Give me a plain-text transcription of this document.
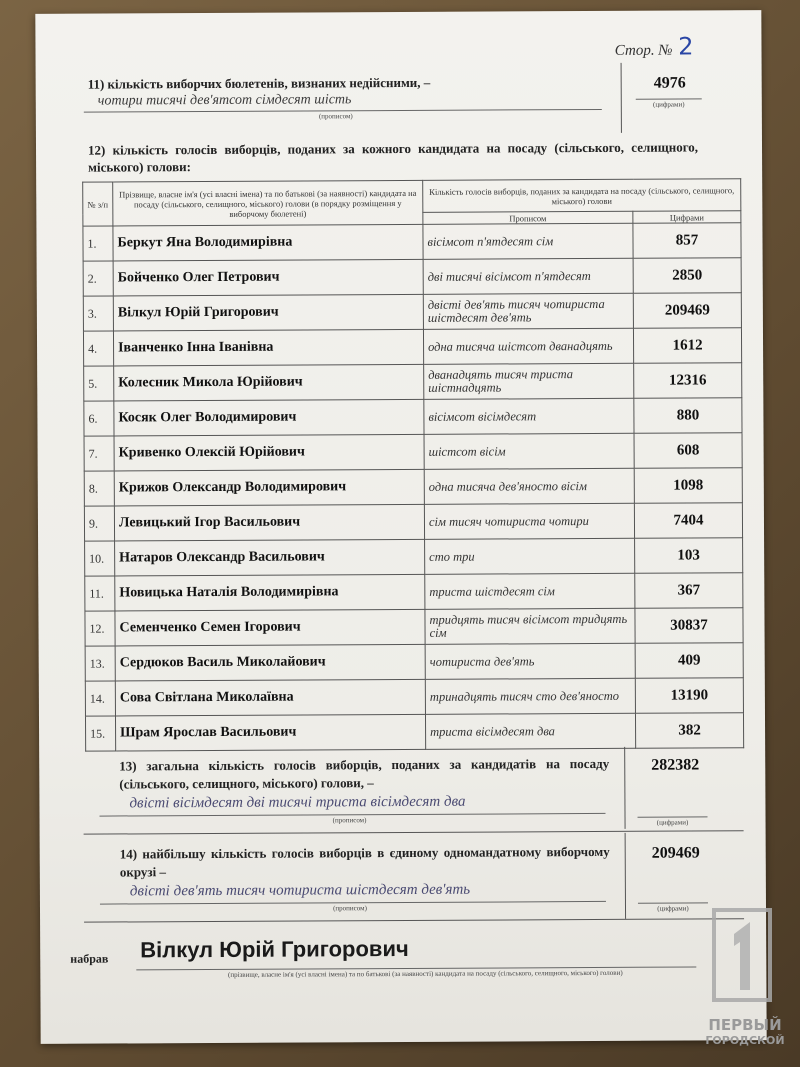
Стор. № 2
11) кількість виборчих бюлетенів, визнаних недійсними, –
чотири тисячі дев'ятсот сімдесят шість
(прописом)
4976
(цифрами)
12) кількість голосів виборців, поданих за кожного кандидата на посаду (сільського, селищного, міського) голови:
№ з/п	Прізвище, власне ім'я (усі власні імена) та по батькові (за наявності) кандидата на посаду (сільського, селищного, міського) голови (в порядку розміщення у виборчому бюлетені)	Кількість голосів виборців, поданих за кандидата на посаду (сільського, селищного, міського) голови	
		Прописом	Цифрами
1.	Беркут Яна Володимирівна	вісімсот п'ятдесят сім	857
2.	Бойченко Олег Петрович	дві тисячі вісімсот п'ятдесят	2850
3.	Вілкул Юрій Григорович	двісті дев'ять тисяч чотириста шістдесят дев'ять	209469
4.	Іванченко Інна Іванівна	одна тисяча шістсот дванадцять	1612
5.	Колесник Микола Юрійович	дванадцять тисяч триста шістнадцять	12316
6.	Косяк Олег Володимирович	вісімсот вісімдесят	880
7.	Кривенко Олексій Юрійович	шістсот вісім	608
8.	Крижов Олександр Володимирович	одна тисяча дев'яносто вісім	1098
9.	Левицький Ігор Васильович	сім тисяч чотириста чотири	7404
10.	Натаров Олександр Васильович	сто три	103
11.	Новицька Наталія Володимирівна	триста шістдесят сім	367
12.	Семенченко Семен Ігорович	тридцять тисяч вісімсот тридцять сім	30837
13.	Сердюков Василь Миколайович	чотириста дев'ять	409
14.	Сова Світлана Миколаївна	тринадцять тисяч сто дев'яносто	13190
15.	Шрам Ярослав Васильович	триста вісімдесят два	382
13) загальна кількість голосів виборців, поданих за кандидатів на посаду
(сільського, селищного, міського) голови, –
двісті вісімдесят дві тисячі триста вісімдесят два
(прописом)
282382
(цифрами)
14) найбільшу кількість голосів виборців в єдиному одномандатному виборчому
окрузі –
двісті дев'ять тисяч чотириста шістдесят дев'ять
(прописом)
209469
(цифрами)
набрав Вілкул Юрій Григорович
(прізвище, власне ім'я (усі власні імена) та по батькові (за наявності) кандидата на посаду (сільського, селищного, міського) голови)
ПЕРВЫЙ
ГОРОДСКОЙ
